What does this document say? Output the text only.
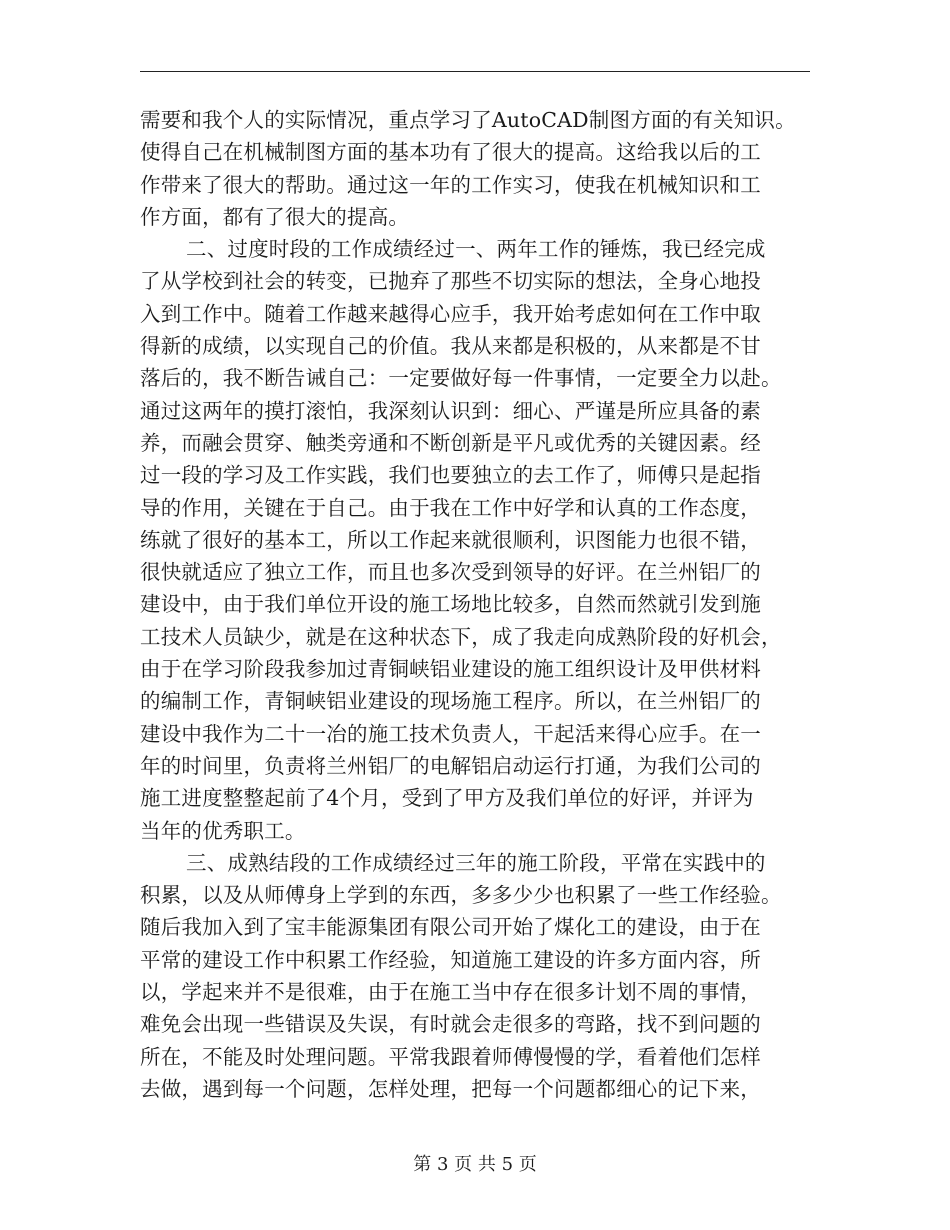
需要和我个人的实际情况，重点学习了AutoCAD制图方面的有关知识。
使得自己在机械制图方面的基本功有了很大的提高。这给我以后的工
作带来了很大的帮助。通过这一年的工作实习，使我在机械知识和工
作方面，都有了很大的提高。
二、过度时段的工作成绩经过一、两年工作的锤炼，我已经完成
了从学校到社会的转变，已抛弃了那些不切实际的想法，全身心地投
入到工作中。随着工作越来越得心应手，我开始考虑如何在工作中取
得新的成绩，以实现自己的价值。我从来都是积极的，从来都是不甘
落后的，我不断告诫自己：一定要做好每一件事情，一定要全力以赴。
通过这两年的摸打滚怕，我深刻认识到：细心、严谨是所应具备的素
养，而融会贯穿、触类旁通和不断创新是平凡或优秀的关键因素。经
过一段的学习及工作实践，我们也要独立的去工作了，师傅只是起指
导的作用，关键在于自己。由于我在工作中好学和认真的工作态度，
练就了很好的基本工，所以工作起来就很顺利，识图能力也很不错，
很快就适应了独立工作，而且也多次受到领导的好评。在兰州铝厂的
建设中，由于我们单位开设的施工场地比较多，自然而然就引发到施
工技术人员缺少，就是在这种状态下，成了我走向成熟阶段的好机会，
由于在学习阶段我参加过青铜峡铝业建设的施工组织设计及甲供材料
的编制工作，青铜峡铝业建设的现场施工程序。所以，在兰州铝厂的
建设中我作为二十一冶的施工技术负责人，干起活来得心应手。在一
年的时间里，负责将兰州铝厂的电解铝启动运行打通，为我们公司的
施工进度整整起前了4个月，受到了甲方及我们单位的好评，并评为
当年的优秀职工。
三、成熟结段的工作成绩经过三年的施工阶段，平常在实践中的
积累，以及从师傅身上学到的东西，多多少少也积累了一些工作经验。
随后我加入到了宝丰能源集团有限公司开始了煤化工的建设，由于在
平常的建设工作中积累工作经验，知道施工建设的许多方面内容，所
以，学起来并不是很难，由于在施工当中存在很多计划不周的事情，
难免会出现一些错误及失误，有时就会走很多的弯路，找不到问题的
所在，不能及时处理问题。平常我跟着师傅慢慢的学，看着他们怎样
去做，遇到每一个问题，怎样处理，把每一个问题都细心的记下来，
第 3 页 共 5 页
